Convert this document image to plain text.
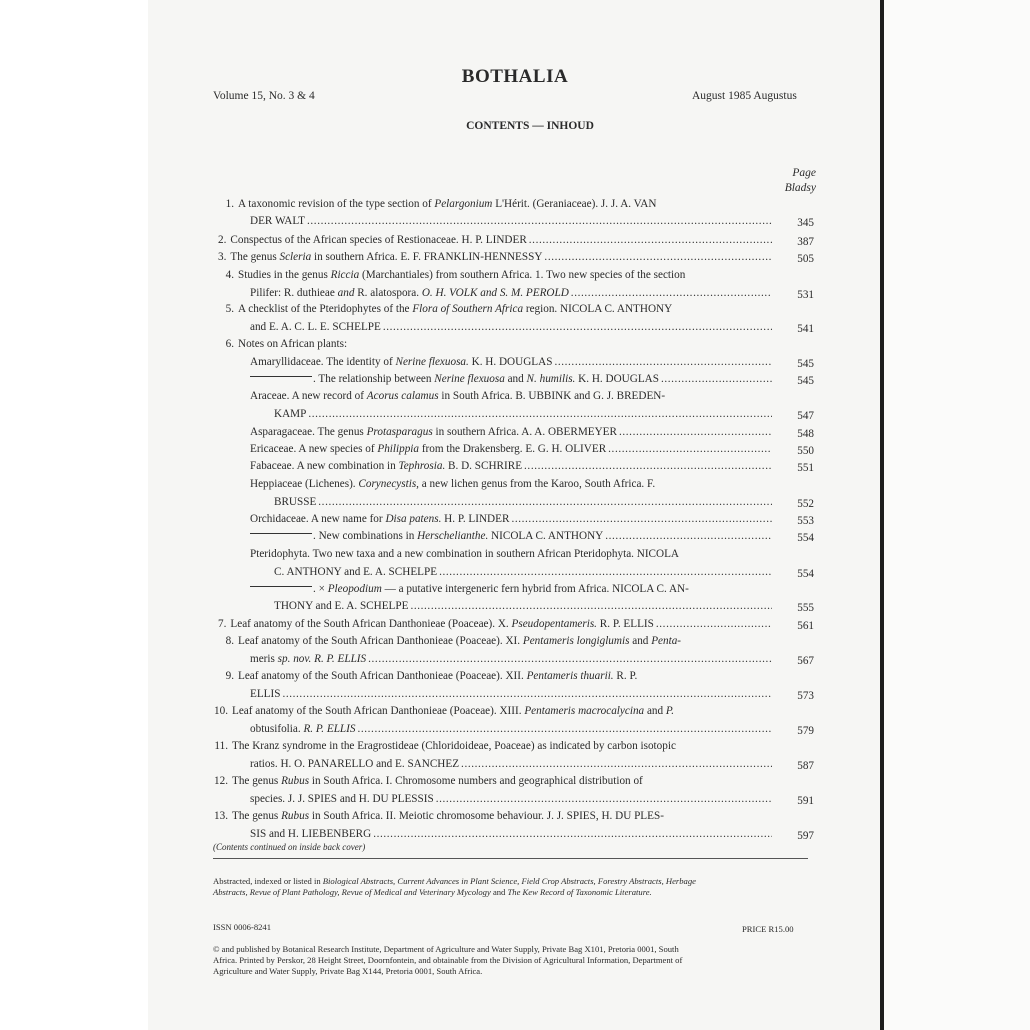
BOTHALIA
Volume 15, No. 3 & 4	August 1985 Augustus
CONTENTS — INHOUD
Page
Bladsy
1. A taxonomic revision of the type section of Pelargonium L'Hérit. (Geraniaceae). J. J. A. VAN
DER WALT .....	345
2. Conspectus of the African species of Restionaceae. H. P. LINDER .....	387
3. The genus Scleria in southern Africa. E. F. FRANKLIN-HENNESSY .....	505
4. Studies in the genus Riccia (Marchantiales) from southern Africa. 1. Two new species of the section
Pilifer: R. duthieae and R. alatospora. O. H. VOLK and S. M. PEROLD .....	531
5. A checklist of the Pteridophytes of the Flora of Southern Africa region. NICOLA C. ANTHONY
and E. A. C. L. E. SCHELPE .....	541
6. Notes on African plants:
Amaryllidaceae. The identity of Nerine flexuosa. K. H. DOUGLAS .....	545
. The relationship between Nerine flexuosa and N. humilis. K. H. DOUGLAS .....	545
Araceae. A new record of Acorus calamus in South Africa. B. UBBINK and G. J. BREDEN-
KAMP .....	547
Asparagaceae. The genus Protasparagus in southern Africa. A. A. OBERMEYER .....	548
Ericaceae. A new species of Philippia from the Drakensberg. E. G. H. OLIVER .....	550
Fabaceae. A new combination in Tephrosia. B. D. SCHRIRE .....	551
Heppiaceae (Lichenes). Corynecystis, a new lichen genus from the Karoo, South Africa. F.
BRUSSE .....	552
Orchidaceae. A new name for Disa patens. H. P. LINDER .....	553
. New combinations in Herschelianthe. NICOLA C. ANTHONY .....	554
Pteridophyta. Two new taxa and a new combination in southern African Pteridophyta. NICOLA
C. ANTHONY and E. A. SCHELPE .....	554
. × Pleopodium — a putative intergeneric fern hybrid from Africa. NICOLA C. AN-
THONY and E. A. SCHELPE .....	555
7. Leaf anatomy of the South African Danthonieae (Poaceae). X. Pseudopentameris. R. P. ELLIS .....	561
8. Leaf anatomy of the South African Danthonieae (Poaceae). XI. Pentameris longiglumis and Penta-
meris sp. nov. R. P. ELLIS .....	567
9. Leaf anatomy of the South African Danthonieae (Poaceae). XII. Pentameris thuarii. R. P.
ELLIS .....	573
10. Leaf anatomy of the South African Danthonieae (Poaceae). XIII. Pentameris macrocalycina and P.
obtusifolia. R. P. ELLIS .....	579
11. The Kranz syndrome in the Eragrostideae (Chloridoideae, Poaceae) as indicated by carbon isotopic
ratios. H. O. PANARELLO and E. SANCHEZ .....	587
12. The genus Rubus in South Africa. I. Chromosome numbers and geographical distribution of
species. J. J. SPIES and H. DU PLESSIS .....	591
13. The genus Rubus in South Africa. II. Meiotic chromosome behaviour. J. J. SPIES, H. DU PLES-
SIS and H. LIEBENBERG .....	597
(Contents continued on inside back cover)
Abstracted, indexed or listed in Biological Abstracts, Current Advances in Plant Science, Field Crop Abstracts, Forestry Abstracts, Herbage
Abstracts, Revue of Plant Pathology, Revue of Medical and Veterinary Mycology and The Kew Record of Taxonomic Literature.
ISSN 0006-8241	PRICE R15.00
© and published by Botanical Research Institute, Department of Agriculture and Water Supply, Private Bag X101, Pretoria 0001, South
Africa. Printed by Perskor, 28 Height Street, Doornfontein, and obtainable from the Division of Agricultural Information, Department of
Agriculture and Water Supply, Private Bag X144, Pretoria 0001, South Africa.
